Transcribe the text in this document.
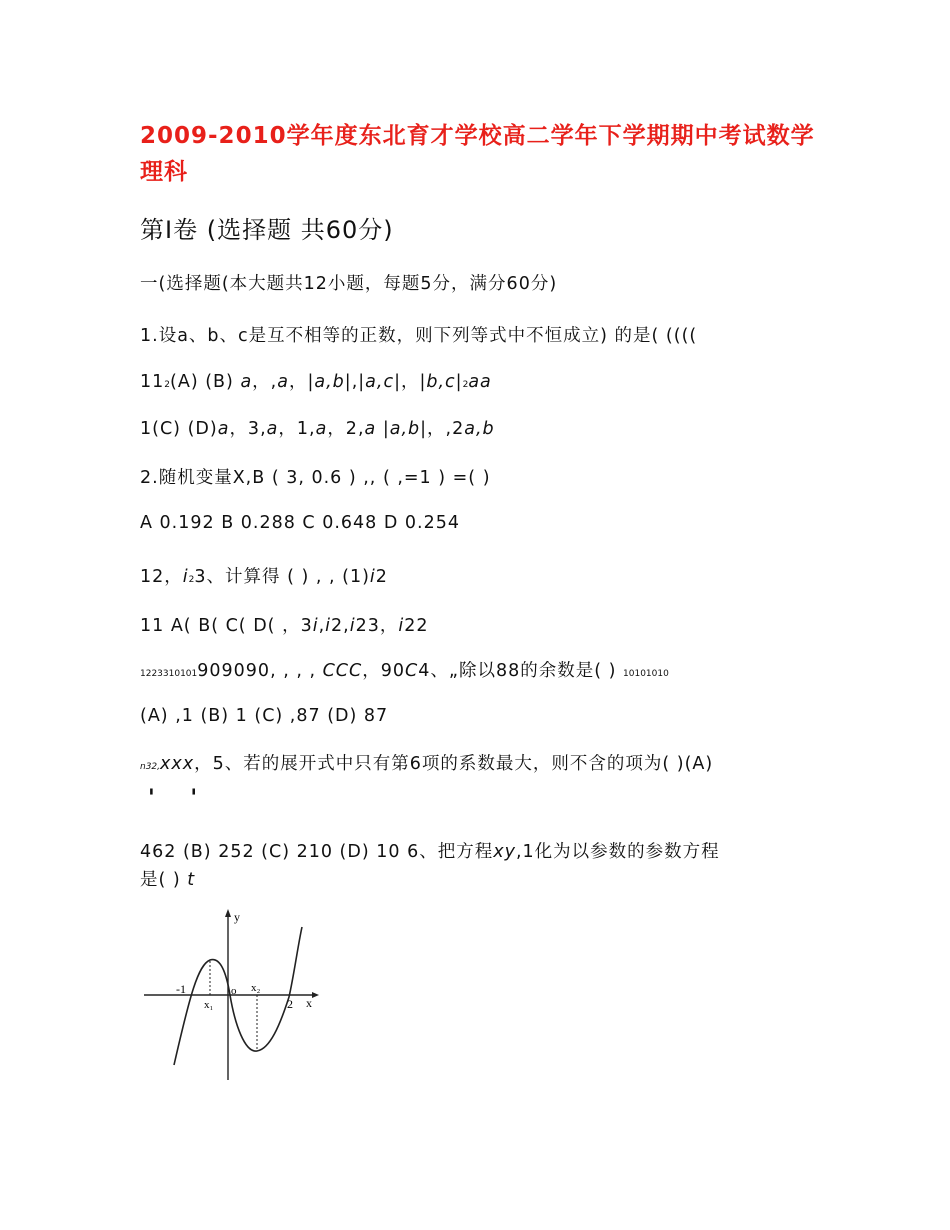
2009-2010学年度东北育才学校高二学年下学期期中考试数学理科
第I卷 (选择题 共60分)
一(选择题(本大题共12小题，每题5分，满分60分)
1.设a、b、c是互不相等的正数，则下列等式中不恒成立) 的是( ((((
112(A) (B) a，,a，|a,b|,|a,c|，|b,c|2aa
1(C) (D)a，3,a，1,a，2,a |a,b|，,2a,b
2.随机变量X,B ( 3, 0.6 ) ,, ( ,=1 ) =( )
A 0.192 B 0.288 C 0.648 D 0.254
12，i23、计算得 ( ) , , (1)i2
11 A( B( C( D( ，3i,i2,i23，i22
1223310101909090, , , , CCC，90C4、„除以88的余数是( ) 10101010
(A) ,1 (B) 1 (C) ,87 (D) 87
n32,xxx，5、若的展开式中只有第6项的系数最大，则不含的项为( )(A)
' '
462 (B) 252 (C) 210 (D) 10 6、把方程xy,1化为以参数的参数方程
是( ) t
y
x
-1	o
x₁
x₂
2
